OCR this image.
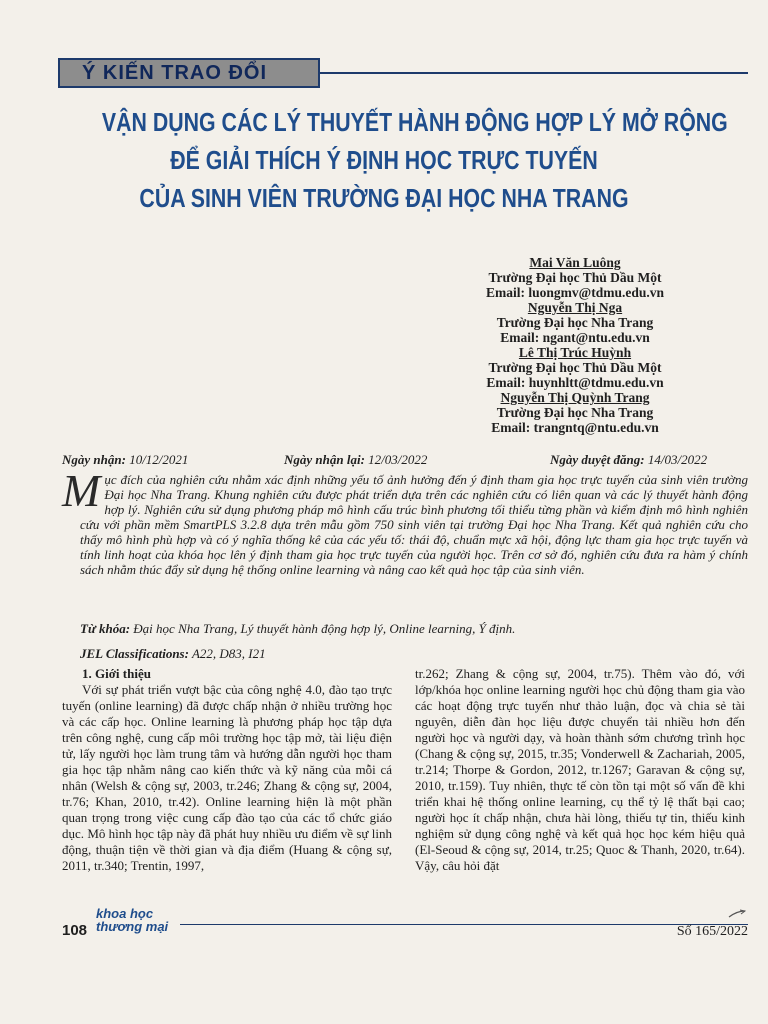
Ý KIẾN TRAO ĐỔI
VẬN DỤNG CÁC LÝ THUYẾT HÀNH ĐỘNG HỢP LÝ MỞ RỘNG
ĐỂ GIẢI THÍCH Ý ĐỊNH HỌC TRỰC TUYẾN
CỦA SINH VIÊN TRƯỜNG ĐẠI HỌC NHA TRANG
Mai Văn Luông
Trường Đại học Thủ Dầu Một
Email: luongmv@tdmu.edu.vn
Nguyễn Thị Nga
Trường Đại học Nha Trang
Email: ngant@ntu.edu.vn
Lê Thị Trúc Huỳnh
Trường Đại học Thủ Dầu Một
Email: huynhltt@tdmu.edu.vn
Nguyễn Thị Quỳnh Trang
Trường Đại học Nha Trang
Email: trangntq@ntu.edu.vn
Ngày nhận: 10/12/2021	Ngày nhận lại: 12/03/2022	Ngày duyệt đăng: 14/03/2022
Mục đích của nghiên cứu nhằm xác định những yếu tố ảnh hưởng đến ý định tham gia học trực tuyến của sinh viên trường Đại học Nha Trang. Khung nghiên cứu được phát triển dựa trên các nghiên cứu có liên quan và các lý thuyết hành động hợp lý. Nghiên cứu sử dụng phương pháp mô hình cấu trúc bình phương tối thiểu từng phần và kiểm định mô hình nghiên cứu với phần mềm SmartPLS 3.2.8 dựa trên mẫu gồm 750 sinh viên tại trường Đại học Nha Trang. Kết quả nghiên cứu cho thấy mô hình phù hợp và có ý nghĩa thống kê của các yếu tố: thái độ, chuẩn mực xã hội, động lực tham gia học trực tuyến và tính linh hoạt của khóa học lên ý định tham gia học trực tuyến của người học. Trên cơ sở đó, nghiên cứu đưa ra hàm ý chính sách nhằm thúc đẩy sử dụng hệ thống online learning và nâng cao kết quả học tập của sinh viên.
Từ khóa: Đại học Nha Trang, Lý thuyết hành động hợp lý, Online learning, Ý định.
JEL Classifications: A22, D83, I21
1. Giới thiệu

Với sự phát triển vượt bậc của công nghệ 4.0, đào tạo trực tuyến (online learning) đã được chấp nhận ở nhiều trường học và các cấp học. Online learning là phương pháp học tập dựa trên công nghệ, cung cấp môi trường học tập mở, tài liệu điện tử, lấy người học làm trung tâm và hướng dẫn người học tham gia học tập nhằm nâng cao kiến thức và kỹ năng của mỗi cá nhân (Welsh & cộng sự, 2003, tr.246; Zhang & cộng sự, 2004, tr.76; Khan, 2010, tr.42). Online learning hiện là một phần quan trọng trong việc cung cấp đào tạo của các tổ chức giáo dục. Mô hình học tập này đã phát huy nhiều ưu điểm về sự linh động, thuận tiện về thời gian và địa điểm (Huang & cộng sự, 2011, tr.340; Trentin, 1997,

tr.262; Zhang & cộng sự, 2004, tr.75). Thêm vào đó, với lớp/khóa học online learning người học chủ động tham gia vào các hoạt động trực tuyến như thảo luận, đọc và chia sẻ tài nguyên, diễn đàn học liệu được chuyển tải nhiều hơn đến người học và người dạy, và hoàn thành sớm chương trình học (Chang & cộng sự, 2015, tr.35; Vonderwell & Zachariah, 2005, tr.214; Thorpe & Gordon, 2012, tr.1267; Garavan & cộng sự, 2010, tr.159). Tuy nhiên, thực tế còn tồn tại một số vấn đề khi triển khai hệ thống online learning, cụ thể tỷ lệ thất bại cao; người học ít chấp nhận, chưa hài lòng, thiếu tự tin, thiếu kinh nghiệm sử dụng công nghệ và kết quả học học kém hiệu quả (El-Seoud & cộng sự, 2014, tr.25; Quoc & Thanh, 2020, tr.64). Vậy, câu hỏi đặt

108
khoa học
thương mại	Số 165/2022
